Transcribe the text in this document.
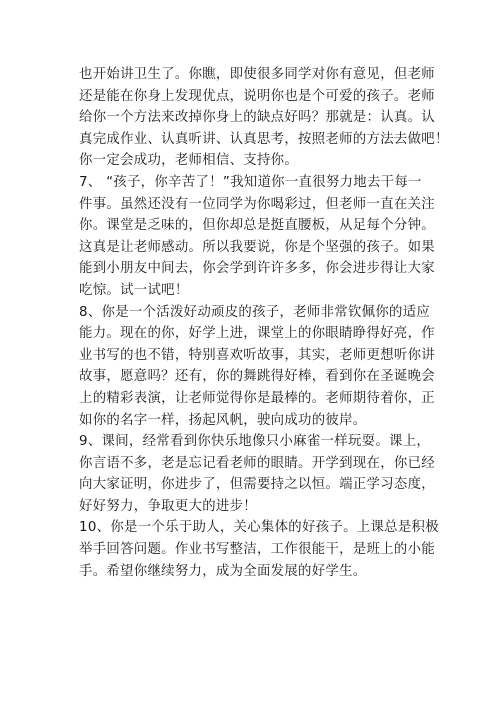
也开始讲卫生了。你瞧，即使很多同学对你有意见，但老师
还是能在你身上发现优点，说明你也是个可爱的孩子。老师
给你一个方法来改掉你身上的缺点好吗？那就是：认真。认
真完成作业、认真听讲、认真思考，按照老师的方法去做吧！
你一定会成功，老师相信、支持你。
7、 “孩子，你辛苦了！”我知道你一直很努力地去干每一
件事。虽然还没有一位同学为你喝彩过，但老师一直在关注
你。课堂是乏味的，但你却总是挺直腰板，从足每个分钟。
这真是让老师感动。所以我要说，你是个坚强的孩子。如果
能到小朋友中间去，你会学到许许多多，你会进步得让大家
吃惊。试一试吧！
8、你是一个活泼好动顽皮的孩子，老师非常钦佩你的适应
能力。现在的你，好学上进，课堂上的你眼睛睁得好亮，作
业书写的也不错，特别喜欢听故事，其实，老师更想听你讲
故事，愿意吗？还有，你的舞跳得好棒，看到你在圣诞晚会
上的精彩表演，让老师觉得你是最棒的。老师期待着你，正
如你的名字一样，扬起风帆，驶向成功的彼岸。
9、课间，经常看到你快乐地像只小麻雀一样玩耍。课上，
你言语不多，老是忘记看老师的眼睛。开学到现在，你已经
向大家证明，你进步了，但需要持之以恒。端正学习态度，
好好努力，争取更大的进步！
10、你是一个乐于助人，关心集体的好孩子。上课总是积极
举手回答问题。作业书写整洁，工作很能干，是班上的小能
手。希望你继续努力，成为全面发展的好学生。
